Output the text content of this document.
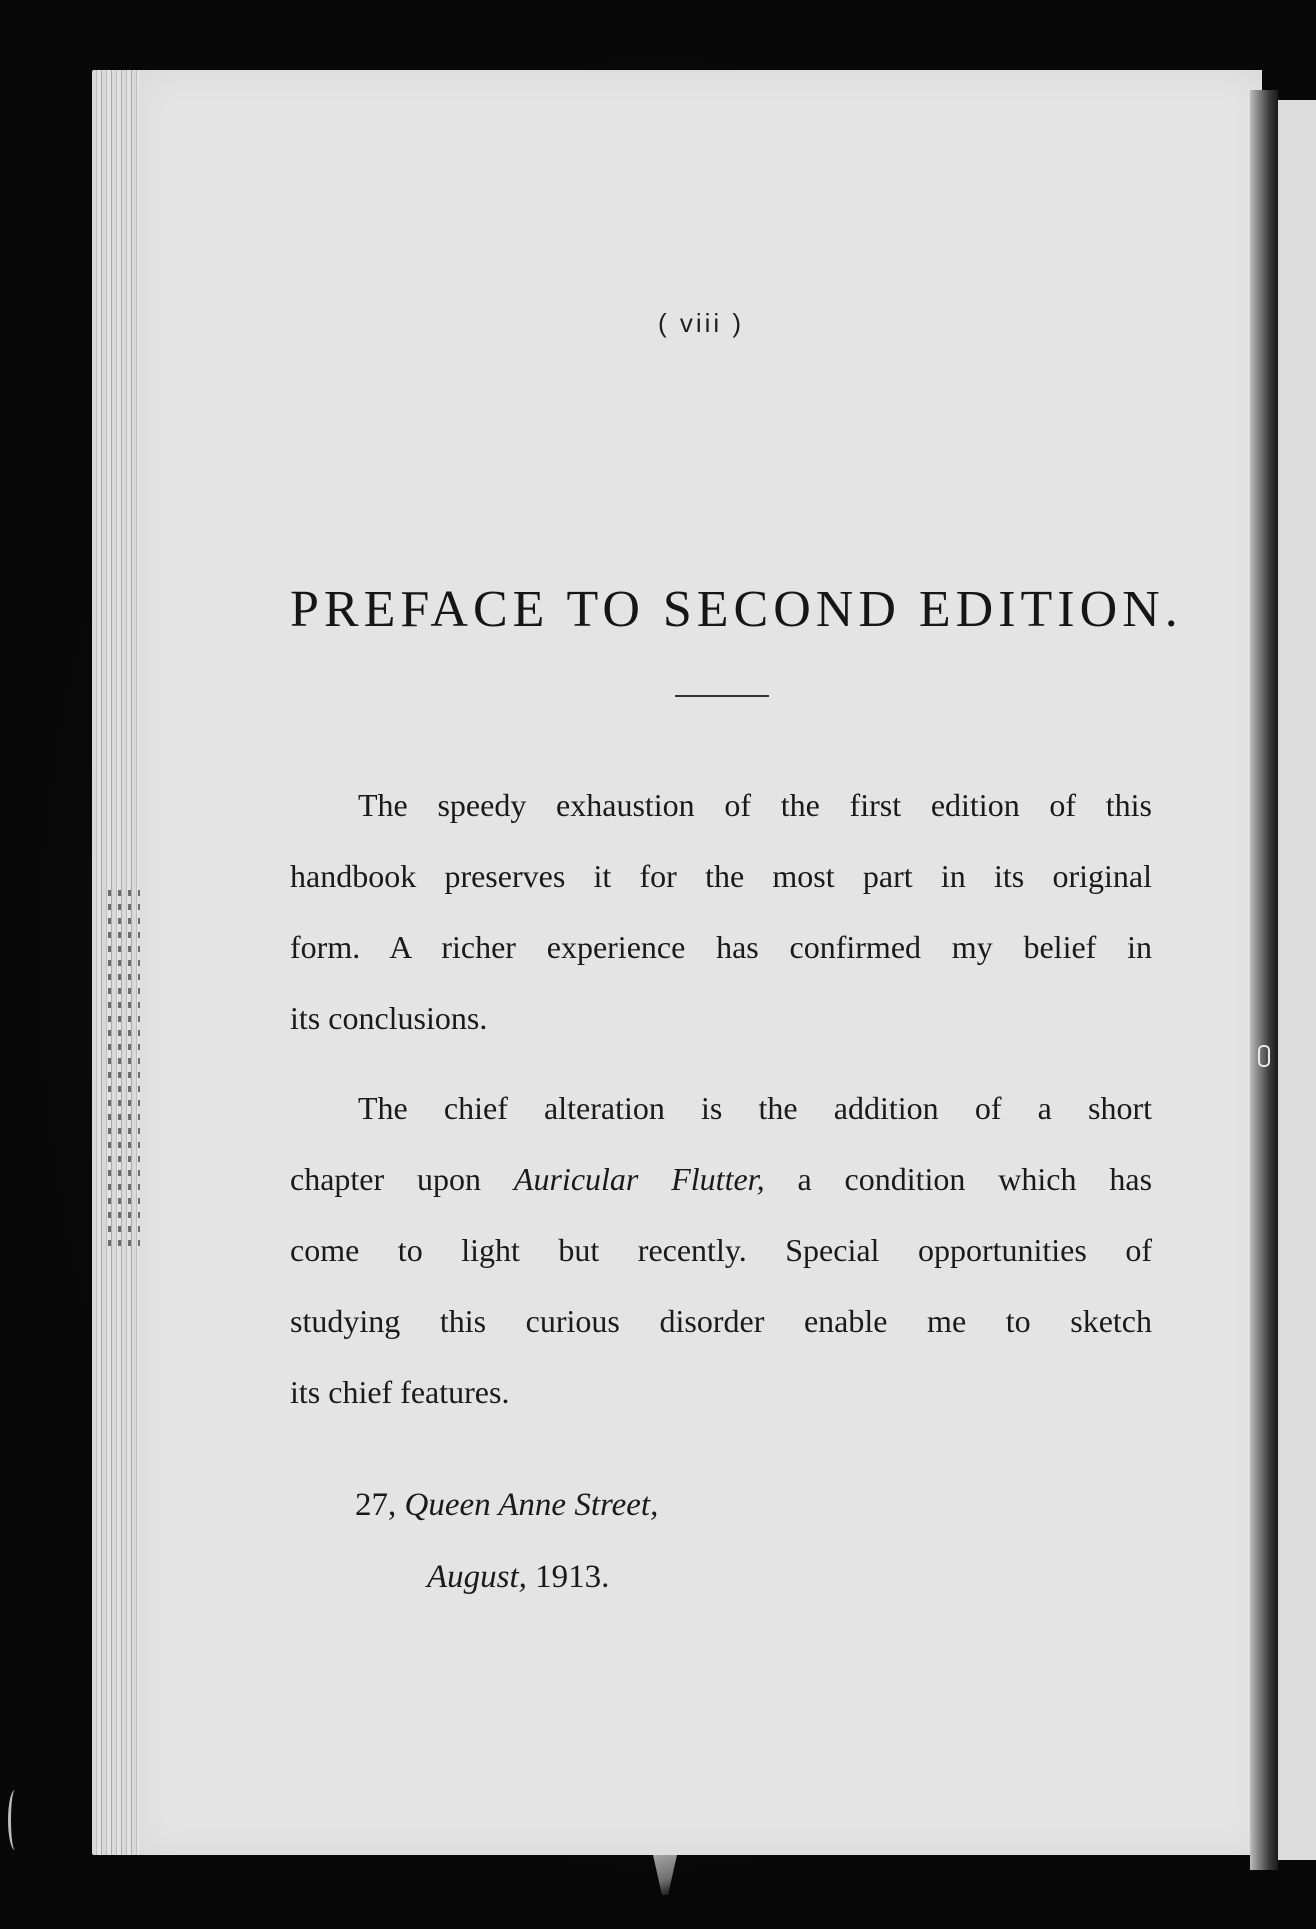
( viii )
PREFACE TO SECOND EDITION.

The speedy exhaustion of the first edition of this
handbook preserves it for the most part in its original
form. A richer experience has confirmed my belief in
its conclusions.

The chief alteration is the addition of a short
chapter upon Auricular Flutter, a condition which has
come to light but recently. Special opportunities of
studying this curious disorder enable me to sketch
its chief features.

27, Queen Anne Street,
August, 1913.
